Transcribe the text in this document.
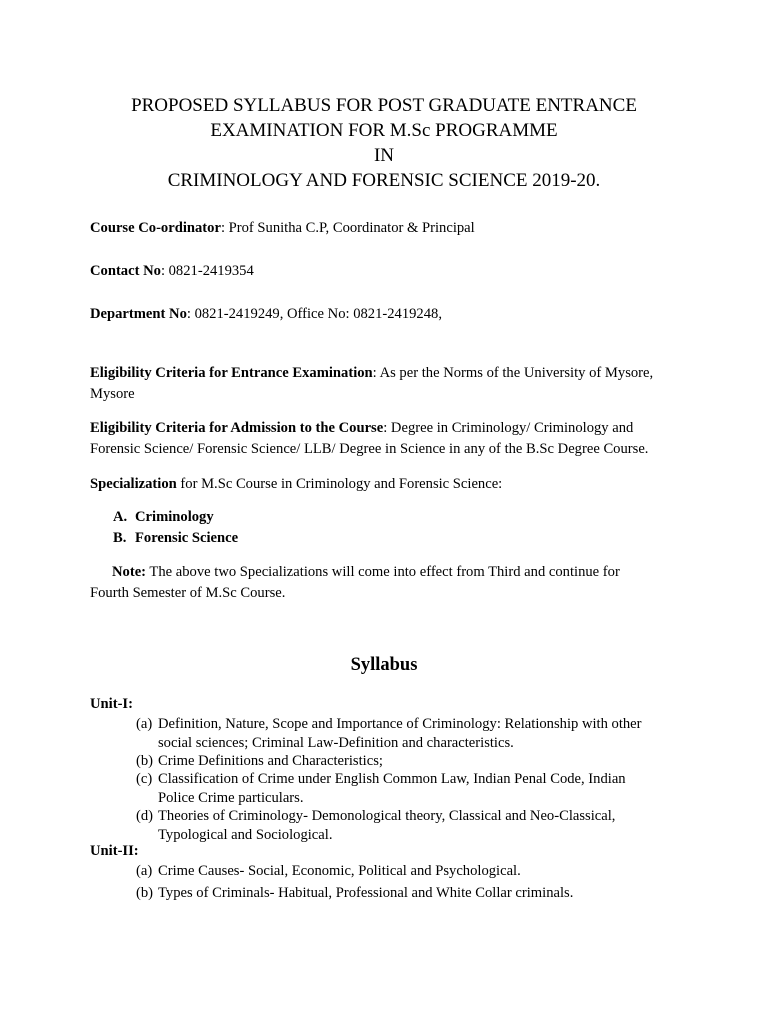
PROPOSED SYLLABUS FOR POST GRADUATE ENTRANCE
EXAMINATION FOR M.Sc PROGRAMME
IN
CRIMINOLOGY AND FORENSIC SCIENCE 2019-20.
Course Co-ordinator: Prof Sunitha C.P, Coordinator & Principal
Contact No: 0821-2419354
Department No: 0821-2419249, Office No: 0821-2419248,
Eligibility Criteria for Entrance Examination: As per the Norms of the University of Mysore,
Mysore
Eligibility Criteria for Admission to the Course: Degree in Criminology/ Criminology and
Forensic Science/ Forensic Science/ LLB/ Degree in Science in any of the B.Sc Degree Course.
Specialization for M.Sc Course in Criminology and Forensic Science:
A. Criminology
B. Forensic Science
Note: The above two Specializations will come into effect from Third and continue for
Fourth Semester of M.Sc Course.
Syllabus
Unit-I:
(a) Definition, Nature, Scope and Importance of Criminology: Relationship with other
social sciences; Criminal Law-Definition and characteristics.
(b) Crime Definitions and Characteristics;
(c) Classification of Crime under English Common Law, Indian Penal Code, Indian
Police Crime particulars.
(d) Theories of Criminology- Demonological theory, Classical and Neo-Classical,
Typological and Sociological.
Unit-II:
(a) Crime Causes- Social, Economic, Political and Psychological.
(b) Types of Criminals- Habitual, Professional and White Collar criminals.
